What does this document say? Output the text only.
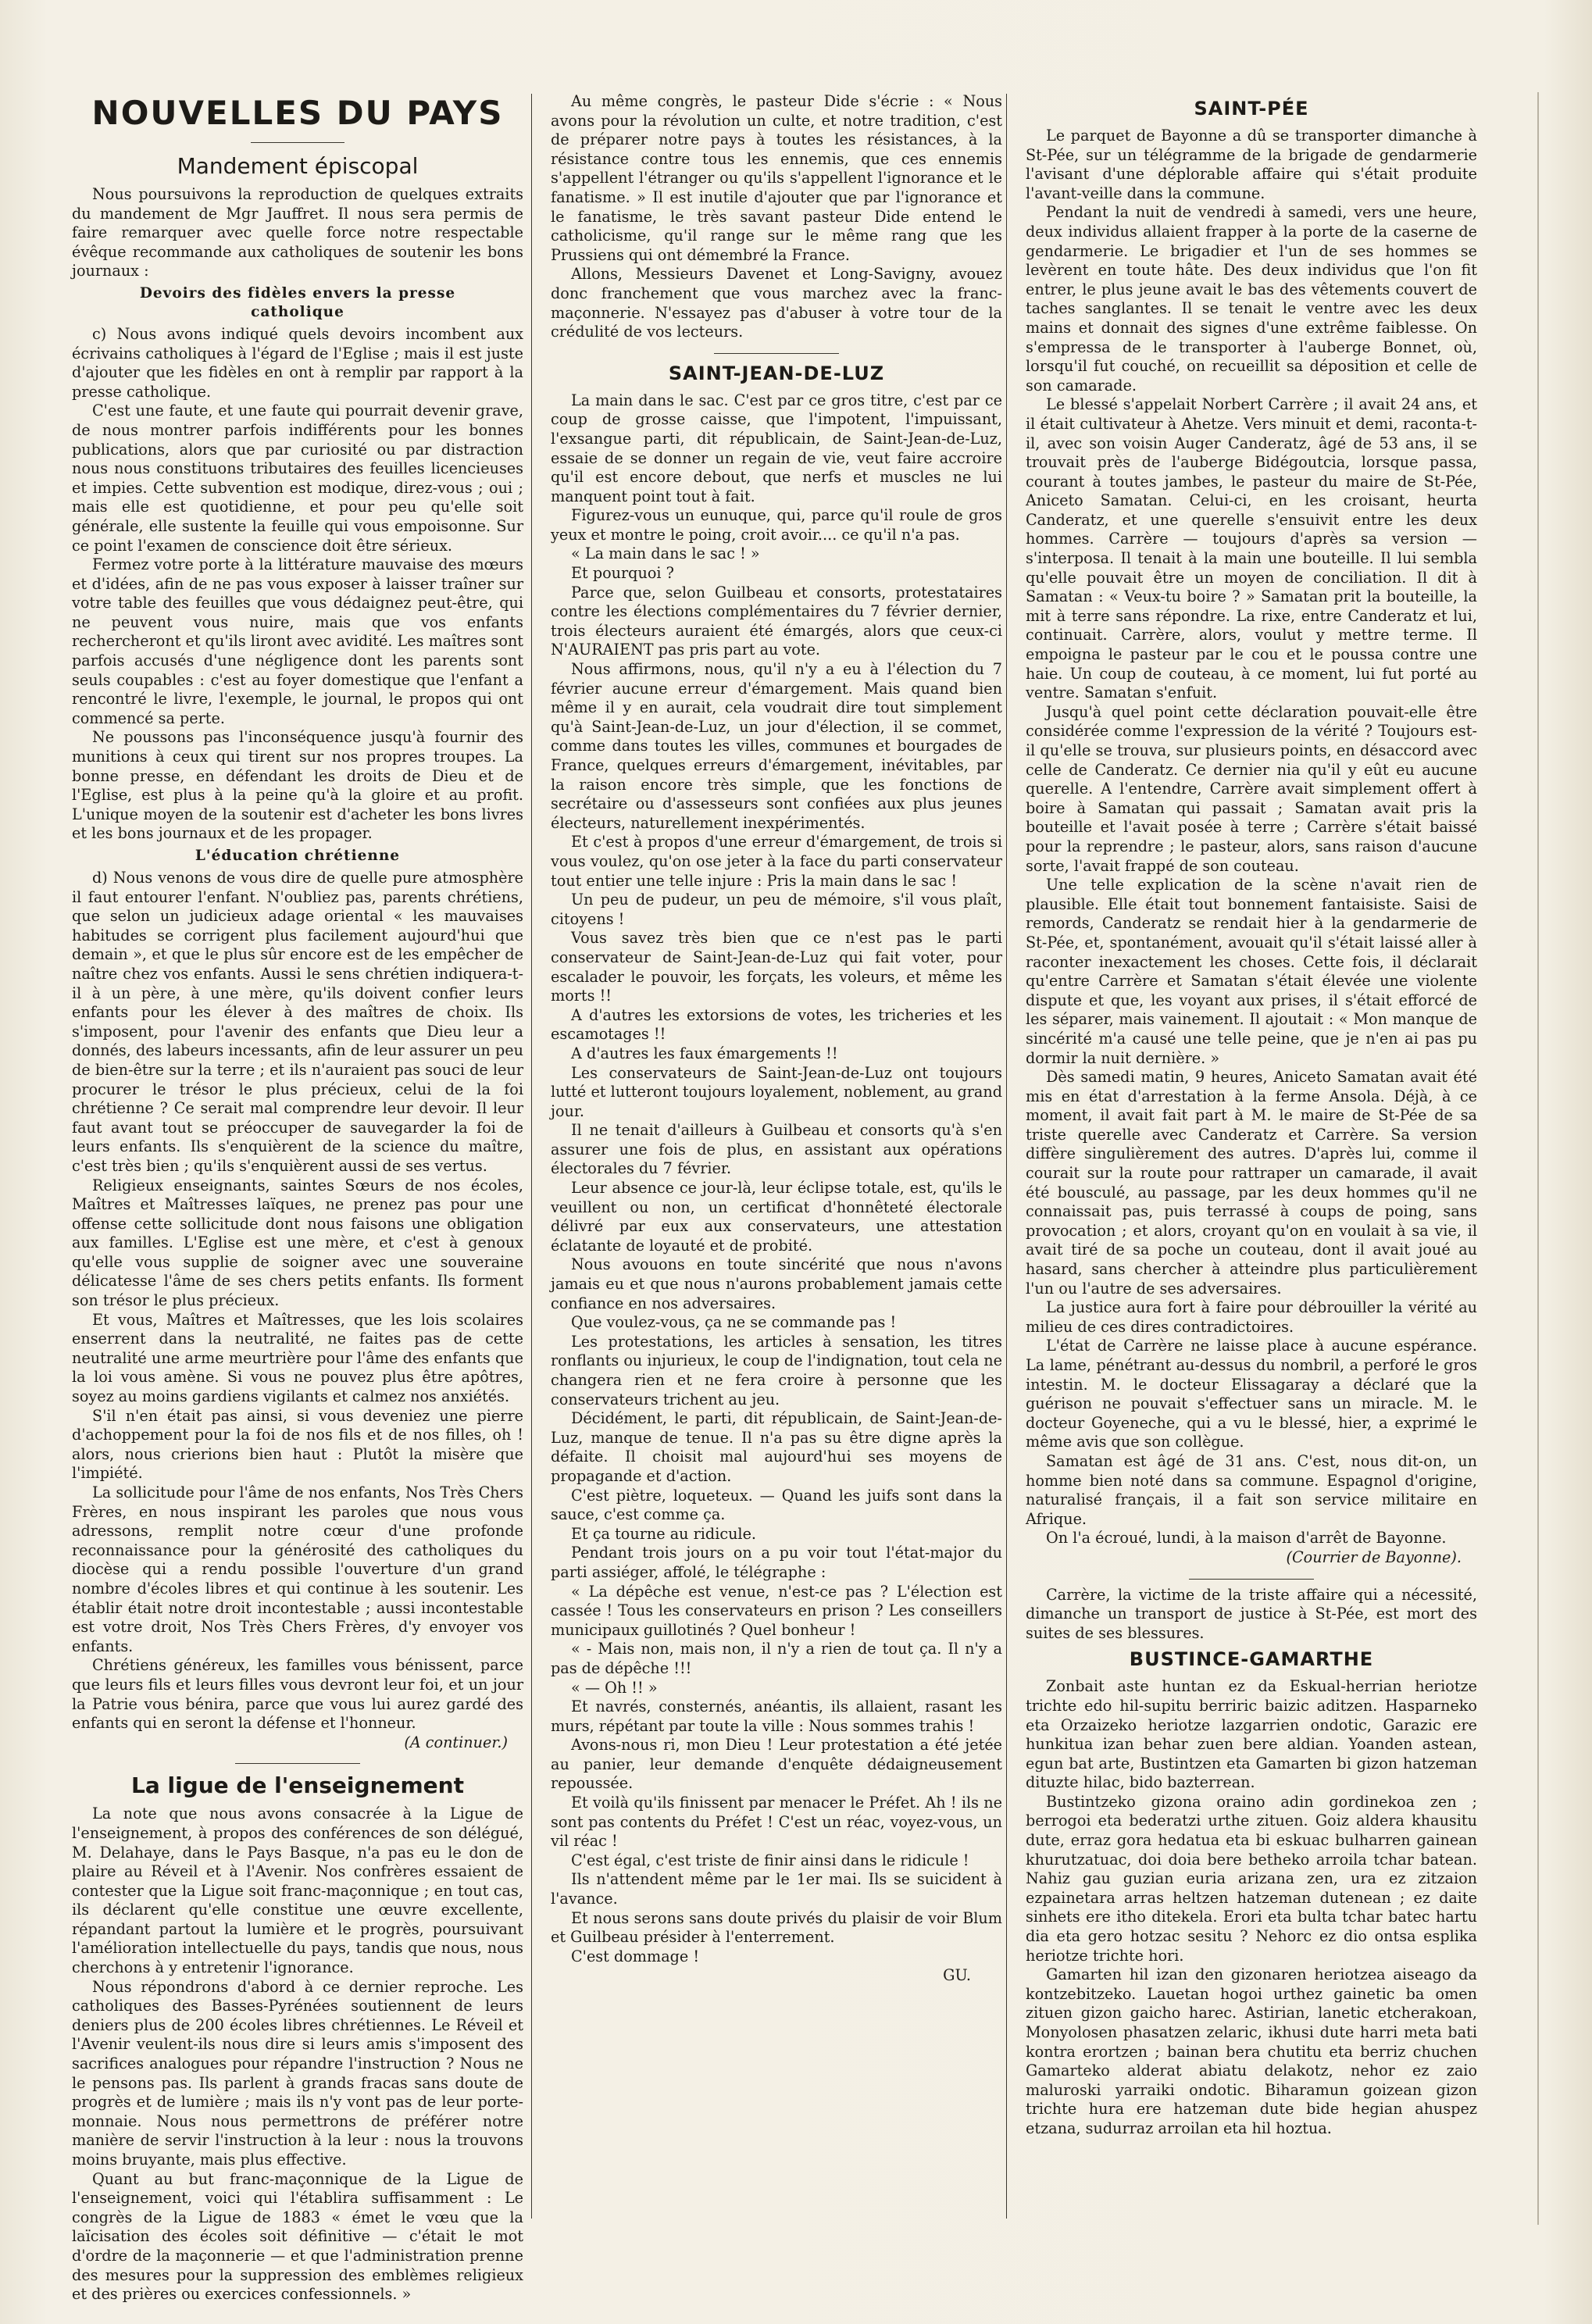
NOUVELLES DU PAYS
Mandement épiscopal

Nous poursuivons la reproduction de quelques extraits du mandement de Mgr Jauffret. Il nous sera permis de faire remarquer avec quelle force notre respectable évêque recommande aux catholiques de soutenir les bons journaux :

Devoirs des fidèles envers la presse catholique

c) Nous avons indiqué quels devoirs incombent aux écrivains catholiques à l'égard de l'Eglise ; mais il est juste d'ajouter que les fidèles en ont à remplir par rapport à la presse catholique.

C'est une faute, et une faute qui pourrait devenir grave, de nous montrer parfois indifférents pour les bonnes publications, alors que par curiosité ou par distraction nous nous constituons tributaires des feuilles licencieuses et impies. Cette subvention est modique, direz-vous ; oui ; mais elle est quotidienne, et pour peu qu'elle soit générale, elle sustente la feuille qui vous empoisonne. Sur ce point l'examen de conscience doit être sérieux.

Fermez votre porte à la littérature mauvaise des mœurs et d'idées, afin de ne pas vous exposer à laisser traîner sur votre table des feuilles que vous dédaignez peut-être, qui ne peuvent vous nuire, mais que vos enfants rechercheront et qu'ils liront avec avidité. Les maîtres sont parfois accusés d'une négligence dont les parents sont seuls coupables : c'est au foyer domestique que l'enfant a rencontré le livre, l'exemple, le journal, le propos qui ont commencé sa perte.

Ne poussons pas l'inconséquence jusqu'à fournir des munitions à ceux qui tirent sur nos propres troupes. La bonne presse, en défendant les droits de Dieu et de l'Eglise, est plus à la peine qu'à la gloire et au profit. L'unique moyen de la soutenir est d'acheter les bons livres et les bons journaux et de les propager.

L'éducation chrétienne

d) Nous venons de vous dire de quelle pure atmosphère il faut entourer l'enfant. N'oubliez pas, parents chrétiens, que selon un judicieux adage oriental « les mauvaises habitudes se corrigent plus facilement aujourd'hui que demain », et que le plus sûr encore est de les empêcher de naître chez vos enfants. Aussi le sens chrétien indiquera-t-il à un père, à une mère, qu'ils doivent confier leurs enfants pour les élever à des maîtres de choix. Ils s'imposent, pour l'avenir des enfants que Dieu leur a donnés, des labeurs incessants, afin de leur assurer un peu de bien-être sur la terre ; et ils n'auraient pas souci de leur procurer le trésor le plus précieux, celui de la foi chrétienne ? Ce serait mal comprendre leur devoir. Il leur faut avant tout se préoccuper de sauvegarder la foi de leurs enfants. Ils s'enquièrent de la science du maître, c'est très bien ; qu'ils s'enquièrent aussi de ses vertus.

Religieux enseignants, saintes Sœurs de nos écoles, Maîtres et Maîtresses laïques, ne prenez pas pour une offense cette sollicitude dont nous faisons une obligation aux familles. L'Eglise est une mère, et c'est à genoux qu'elle vous supplie de soigner avec une souveraine délicatesse l'âme de ses chers petits enfants. Ils forment son trésor le plus précieux.

Et vous, Maîtres et Maîtresses, que les lois scolaires enserrent dans la neutralité, ne faites pas de cette neutralité une arme meurtrière pour l'âme des enfants que la loi vous amène. Si vous ne pouvez plus être apôtres, soyez au moins gardiens vigilants et calmez nos anxiétés.

S'il n'en était pas ainsi, si vous deveniez une pierre d'achoppement pour la foi de nos fils et de nos filles, oh ! alors, nous crierions bien haut : Plutôt la misère que l'impiété.

La sollicitude pour l'âme de nos enfants, Nos Très Chers Frères, en nous inspirant les paroles que nous vous adressons, remplit notre cœur d'une profonde reconnaissance pour la générosité des catholiques du diocèse qui a rendu possible l'ouverture d'un grand nombre d'écoles libres et qui continue à les soutenir. Les établir était notre droit incontestable ; aussi incontestable est votre droit, Nos Très Chers Frères, d'y envoyer vos enfants.

Chrétiens généreux, les familles vous bénissent, parce que leurs fils et leurs filles vous devront leur foi, et un jour la Patrie vous bénira, parce que vous lui aurez gardé des enfants qui en seront la défense et l'honneur.

(A continuer.)

La ligue de l'enseignement

La note que nous avons consacrée à la Ligue de l'enseignement, à propos des conférences de son délégué, M. Delahaye, dans le Pays Basque, n'a pas eu le don de plaire au Réveil et à l'Avenir. Nos confrères essaient de contester que la Ligue soit franc-maçonnique ; en tout cas, ils déclarent qu'elle constitue une œuvre excellente, répandant partout la lumière et le progrès, poursuivant l'amélioration intellectuelle du pays, tandis que nous, nous cherchons à y entretenir l'ignorance.

Nous répondrons d'abord à ce dernier reproche. Les catholiques des Basses-Pyrénées soutiennent de leurs deniers plus de 200 écoles libres chrétiennes. Le Réveil et l'Avenir veulent-ils nous dire si leurs amis s'imposent des sacrifices analogues pour répandre l'instruction ? Nous ne le pensons pas. Ils parlent à grands fracas sans doute de progrès et de lumière ; mais ils n'y vont pas de leur porte-monnaie. Nous nous permettrons de préférer notre manière de servir l'instruction à la leur : nous la trouvons moins bruyante, mais plus effective.

Quant au but franc-maçonnique de la Ligue de l'enseignement, voici qui l'établira suffisamment : Le congrès de la Ligue de 1883 « émet le vœu que la laïcisation des écoles soit définitive — c'était le mot d'ordre de la maçonnerie — et que l'administration prenne des mesures pour la suppression des emblèmes religieux et des prières ou exercices confessionnels. »

Au même congrès, le pasteur Dide s'écrie : « Nous avons pour la révolution un culte, et notre tradition, c'est de préparer notre pays à toutes les résistances, à la résistance contre tous les ennemis, que ces ennemis s'appellent l'étranger ou qu'ils s'appellent l'ignorance et le fanatisme. » Il est inutile d'ajouter que par l'ignorance et le fanatisme, le très savant pasteur Dide entend le catholicisme, qu'il range sur le même rang que les Prussiens qui ont démembré la France.

Allons, Messieurs Davenet et Long-Savigny, avouez donc franchement que vous marchez avec la franc-maçonnerie. N'essayez pas d'abuser à votre tour de la crédulité de vos lecteurs.

SAINT-JEAN-DE-LUZ

La main dans le sac. C'est par ce gros titre, c'est par ce coup de grosse caisse, que l'impotent, l'impuissant, l'exsangue parti, dit républicain, de Saint-Jean-de-Luz, essaie de se donner un regain de vie, veut faire accroire qu'il est encore debout, que nerfs et muscles ne lui manquent point tout à fait.

Figurez-vous un eunuque, qui, parce qu'il roule de gros yeux et montre le poing, croit avoir.... ce qu'il n'a pas.

« La main dans le sac ! »

Et pourquoi ?

Parce que, selon Guilbeau et consorts, protestataires contre les élections complémentaires du 7 février dernier, trois électeurs auraient été émargés, alors que ceux-ci N'AURAIENT pas pris part au vote.

Nous affirmons, nous, qu'il n'y a eu à l'élection du 7 février aucune erreur d'émargement. Mais quand bien même il y en aurait, cela voudrait dire tout simplement qu'à Saint-Jean-de-Luz, un jour d'élection, il se commet, comme dans toutes les villes, communes et bourgades de France, quelques erreurs d'émargement, inévitables, par la raison encore très simple, que les fonctions de secrétaire ou d'assesseurs sont confiées aux plus jeunes électeurs, naturellement inexpérimentés.

Et c'est à propos d'une erreur d'émargement, de trois si vous voulez, qu'on ose jeter à la face du parti conservateur tout entier une telle injure : Pris la main dans le sac !

Un peu de pudeur, un peu de mémoire, s'il vous plaît, citoyens !

Vous savez très bien que ce n'est pas le parti conservateur de Saint-Jean-de-Luz qui fait voter, pour escalader le pouvoir, les forçats, les voleurs, et même les morts !!

A d'autres les extorsions de votes, les tricheries et les escamotages !!

A d'autres les faux émargements !!

Les conservateurs de Saint-Jean-de-Luz ont toujours lutté et lutteront toujours loyalement, noblement, au grand jour.

Il ne tenait d'ailleurs à Guilbeau et consorts qu'à s'en assurer une fois de plus, en assistant aux opérations électorales du 7 février.

Leur absence ce jour-là, leur éclipse totale, est, qu'ils le veuillent ou non, un certificat d'honnêteté électorale délivré par eux aux conservateurs, une attestation éclatante de loyauté et de probité.

Nous avouons en toute sincérité que nous n'avons jamais eu et que nous n'aurons probablement jamais cette confiance en nos adversaires.

Que voulez-vous, ça ne se commande pas !

Les protestations, les articles à sensation, les titres ronflants ou injurieux, le coup de l'indignation, tout cela ne changera rien et ne fera croire à personne que les conservateurs trichent au jeu.

Décidément, le parti, dit républicain, de Saint-Jean-de-Luz, manque de tenue. Il n'a pas su être digne après la défaite. Il choisit mal aujourd'hui ses moyens de propagande et d'action.

C'est piètre, loqueteux. — Quand les juifs sont dans la sauce, c'est comme ça.

Et ça tourne au ridicule.

Pendant trois jours on a pu voir tout l'état-major du parti assiéger, affolé, le télégraphe :

« La dépêche est venue, n'est-ce pas ? L'élection est cassée ! Tous les conservateurs en prison ? Les conseillers municipaux guillotinés ? Quel bonheur !

« - Mais non, mais non, il n'y a rien de tout ça. Il n'y a pas de dépêche !!!

« — Oh !! »

Et navrés, consternés, anéantis, ils allaient, rasant les murs, répétant par toute la ville : Nous sommes trahis !

Avons-nous ri, mon Dieu ! Leur protestation a été jetée au panier, leur demande d'enquête dédaigneusement repoussée.

Et voilà qu'ils finissent par menacer le Préfet. Ah ! ils ne sont pas contents du Préfet ! C'est un réac, voyez-vous, un vil réac !

C'est égal, c'est triste de finir ainsi dans le ridicule !

Ils n'attendent même par le 1er mai. Ils se suicident à l'avance.

Et nous serons sans doute privés du plaisir de voir Blum et Guilbeau présider à l'enterrement.

C'est dommage !

GU.

SAINT-PÉE

Le parquet de Bayonne a dû se transporter dimanche à St-Pée, sur un télégramme de la brigade de gendarmerie l'avisant d'une déplorable affaire qui s'était produite l'avant-veille dans la commune.

Pendant la nuit de vendredi à samedi, vers une heure, deux individus allaient frapper à la porte de la caserne de gendarmerie. Le brigadier et l'un de ses hommes se levèrent en toute hâte. Des deux individus que l'on fit entrer, le plus jeune avait le bas des vêtements couvert de taches sanglantes. Il se tenait le ventre avec les deux mains et donnait des signes d'une extrême faiblesse. On s'empressa de le transporter à l'auberge Bonnet, où, lorsqu'il fut couché, on recueillit sa déposition et celle de son camarade.

Le blessé s'appelait Norbert Carrère ; il avait 24 ans, et il était cultivateur à Ahetze. Vers minuit et demi, raconta-t-il, avec son voisin Auger Canderatz, âgé de 53 ans, il se trouvait près de l'auberge Bidégoutcia, lorsque passa, courant à toutes jambes, le pasteur du maire de St-Pée, Aniceto Samatan. Celui-ci, en les croisant, heurta Canderatz, et une querelle s'ensuivit entre les deux hommes. Carrère — toujours d'après sa version — s'interposa. Il tenait à la main une bouteille. Il lui sembla qu'elle pouvait être un moyen de conciliation. Il dit à Samatan : « Veux-tu boire ? » Samatan prit la bouteille, la mit à terre sans répondre. La rixe, entre Canderatz et lui, continuait. Carrère, alors, voulut y mettre terme. Il empoigna le pasteur par le cou et le poussa contre une haie. Un coup de couteau, à ce moment, lui fut porté au ventre. Samatan s'enfuit.

Jusqu'à quel point cette déclaration pouvait-elle être considérée comme l'expression de la vérité ? Toujours est-il qu'elle se trouva, sur plusieurs points, en désaccord avec celle de Canderatz. Ce dernier nia qu'il y eût eu aucune querelle. A l'entendre, Carrère avait simplement offert à boire à Samatan qui passait ; Samatan avait pris la bouteille et l'avait posée à terre ; Carrère s'était baissé pour la reprendre ; le pasteur, alors, sans raison d'aucune sorte, l'avait frappé de son couteau.

Une telle explication de la scène n'avait rien de plausible. Elle était tout bonnement fantaisiste. Saisi de remords, Canderatz se rendait hier à la gendarmerie de St-Pée, et, spontanément, avouait qu'il s'était laissé aller à raconter inexactement les choses. Cette fois, il déclarait qu'entre Carrère et Samatan s'était élevée une violente dispute et que, les voyant aux prises, il s'était efforcé de les séparer, mais vainement. Il ajoutait : « Mon manque de sincérité m'a causé une telle peine, que je n'en ai pas pu dormir la nuit dernière. »

Dès samedi matin, 9 heures, Aniceto Samatan avait été mis en état d'arrestation à la ferme Ansola. Déjà, à ce moment, il avait fait part à M. le maire de St-Pée de sa triste querelle avec Canderatz et Carrère. Sa version diffère singulièrement des autres. D'après lui, comme il courait sur la route pour rattraper un camarade, il avait été bousculé, au passage, par les deux hommes qu'il ne connaissait pas, puis terrassé à coups de poing, sans provocation ; et alors, croyant qu'on en voulait à sa vie, il avait tiré de sa poche un couteau, dont il avait joué au hasard, sans chercher à atteindre plus particulièrement l'un ou l'autre de ses adversaires.

La justice aura fort à faire pour débrouiller la vérité au milieu de ces dires contradictoires.

L'état de Carrère ne laisse place à aucune espérance. La lame, pénétrant au-dessus du nombril, a perforé le gros intestin. M. le docteur Elissagaray a déclaré que la guérison ne pouvait s'effectuer sans un miracle. M. le docteur Goyeneche, qui a vu le blessé, hier, a exprimé le même avis que son collègue.

Samatan est âgé de 31 ans. C'est, nous dit-on, un homme bien noté dans sa commune. Espagnol d'origine, naturalisé français, il a fait son service militaire en Afrique.

On l'a écroué, lundi, à la maison d'arrêt de Bayonne.

(Courrier de Bayonne).

Carrère, la victime de la triste affaire qui a nécessité, dimanche un transport de justice à St-Pée, est mort des suites de ses blessures.

BUSTINCE-GAMARTHE

Zonbait aste huntan ez da Eskual-herrian heriotze trichte edo hil-supitu berriric baizic aditzen. Hasparneko eta Orzaizeko heriotze lazgarrien ondotic, Garazic ere hunkitua izan behar zuen bere aldian. Yoanden astean, egun bat arte, Bustintzen eta Gamarten bi gizon hatzeman dituzte hilac, bido bazterrean.

Bustintzeko gizona oraino adin gordinekoa zen ; berrogoi eta bederatzi urthe zituen. Goiz aldera khausitu dute, erraz gora hedatua eta bi eskuac bulharren gainean khurutzatuac, doi doia bere betheko arroila tchar batean. Nahiz gau guzian euria arizana zen, ura ez zitzaion ezpainetara arras heltzen hatzeman dutenean ; ez daite sinhets ere itho ditekela. Erori eta bulta tchar batec hartu dia eta gero hotzac sesitu ? Nehorc ez dio ontsa esplika heriotze trichte hori.

Gamarten hil izan den gizonaren heriotzea aiseago da kontzebitzeko. Lauetan hogoi urthez gainetic ba omen zituen gizon gaicho harec. Astirian, lanetic etcherakoan, Monyolosen phasatzen zelaric, ikhusi dute harri meta bati kontra erortzen ; bainan bera chutitu eta berriz chuchen Gamarteko alderat abiatu delakotz, nehor ez zaio maluroski yarraiki ondotic. Biharamun goizean gizon trichte hura ere hatzeman dute bide hegian ahuspez etzana, sudurraz arroilan eta hil hoztua.
